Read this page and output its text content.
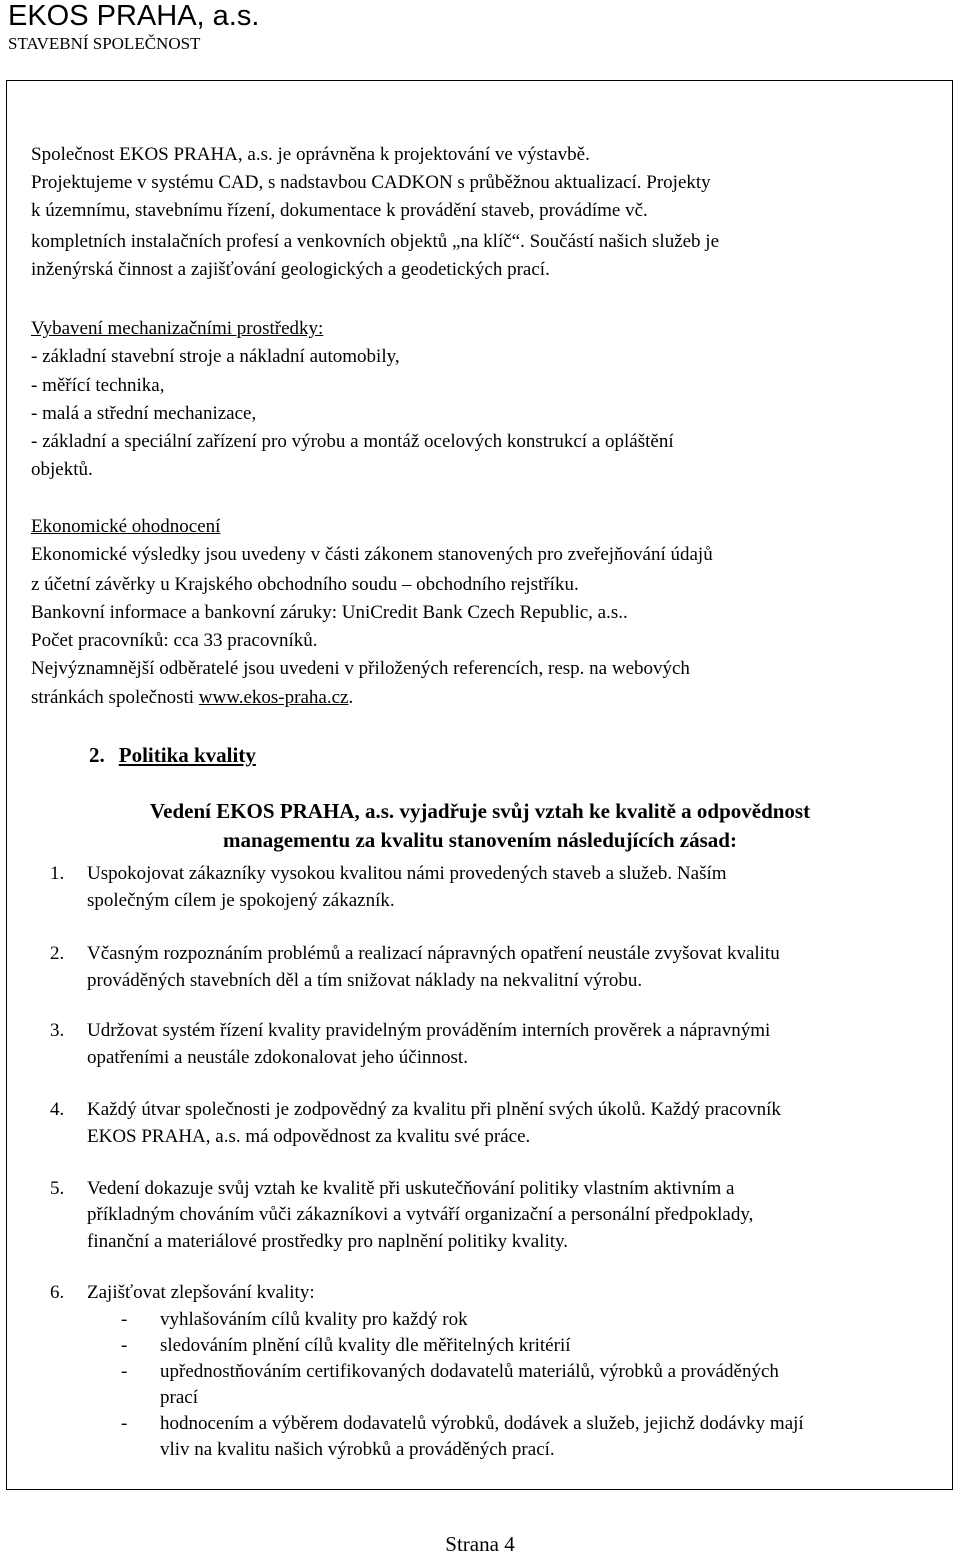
EKOS PRAHA, a.s.
STAVEBNÍ SPOLEČNOST
Společnost EKOS PRAHA, a.s. je oprávněna k projektování ve výstavbě.
Projektujeme v systému CAD, s nadstavbou CADKON s průběžnou aktualizací. Projekty
k územnímu, stavebnímu řízení, dokumentace k provádění staveb, provádíme vč.
kompletních instalačních profesí a venkovních objektů „na klíč“. Součástí našich služeb je
inženýrská činnost a zajišťování geologických a geodetických prací.
Vybavení mechanizačními prostředky:
- základní stavební stroje a nákladní automobily,
- měřící technika,
- malá a střední mechanizace,
- základní a speciální zařízení pro výrobu a montáž ocelových konstrukcí a opláštění
objektů.
Ekonomické ohodnocení
Ekonomické výsledky jsou uvedeny v části zákonem stanovených pro zveřejňování údajů
z účetní závěrky u Krajského obchodního soudu – obchodního rejstříku.
Bankovní informace a bankovní záruky: UniCredit Bank Czech Republic, a.s..
Počet pracovníků: cca 33 pracovníků.
Nejvýznamnější odběratelé jsou uvedeni v přiložených referencích, resp. na webových
stránkách společnosti www.ekos-praha.cz.
2. Politika kvality
Vedení EKOS PRAHA, a.s. vyjadřuje svůj vztah ke kvalitě a odpovědnost
managementu za kvalitu stanovením následujících zásad:
1. Uspokojovat zákazníky vysokou kvalitou námi provedených staveb a služeb. Naším
společným cílem je spokojený zákazník.
2. Včasným rozpoznáním problémů a realizací nápravných opatření neustále zvyšovat kvalitu
prováděných stavebních děl a tím snižovat náklady na nekvalitní výrobu.
3. Udržovat systém řízení kvality pravidelným prováděním interních prověrek a nápravnými
opatřeními a neustále zdokonalovat jeho účinnost.
4. Každý útvar společnosti je zodpovědný za kvalitu při plnění svých úkolů. Každý pracovník
EKOS PRAHA, a.s. má odpovědnost za kvalitu své práce.
5. Vedení dokazuje svůj vztah ke kvalitě při uskutečňování politiky vlastním aktivním a
příkladným chováním vůči zákazníkovi a vytváří organizační a personální předpoklady,
finanční a materiálové prostředky pro naplnění politiky kvality.
6. Zajišťovat zlepšování kvality:
- vyhlašováním cílů kvality pro každý rok
- sledováním plnění cílů kvality dle měřitelných kritérií
- upřednostňováním certifikovaných dodavatelů materiálů, výrobků a prováděných
prací
- hodnocením a výběrem dodavatelů výrobků, dodávek a služeb, jejichž dodávky mají
vliv na kvalitu našich výrobků a prováděných prací.
Strana 4
